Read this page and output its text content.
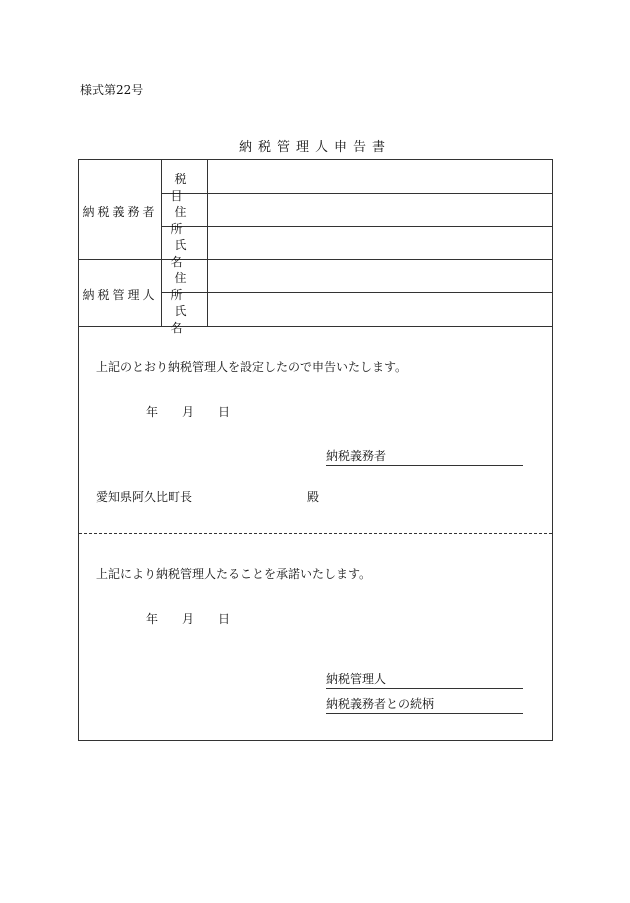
様式第22号
納税管理人申告書
納税義務者
税目
住所
氏名
納税管理人
住所
氏名
上記のとおり納税管理人を設定したので申告いたします。
年 月 日
納税義務者
愛知県阿久比町長	殿
上記により納税管理人たることを承諾いたします。
年 月 日
納税管理人
納税義務者との続柄
